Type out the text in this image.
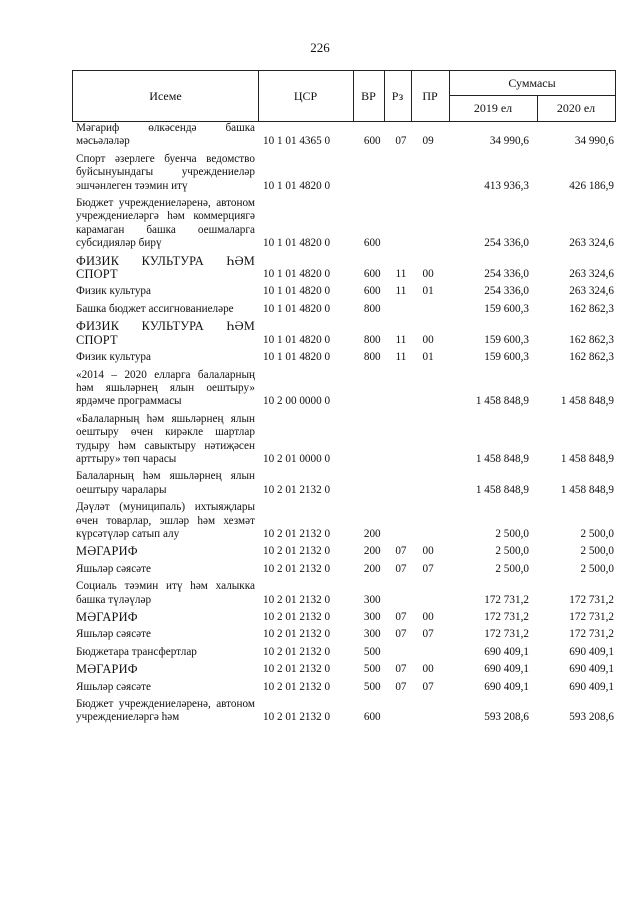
226
Исеме	ЦСР	ВР	Рз	ПР
Суммасы
2019 ел	2020 ел
Мәгариф өлкәсендә башка мәсьәләләр	10 1 01 4365 0	600	07	09	34 990,6	34 990,6
Спорт әзерлеге буенча ведомство буйсынуындагы учреждениеләр эшчәнлеген тәэмин итү	10 1 01 4820 0	413 936,3	426 186,9
Бюджет учреждениеләренә, автоном учреждениеләргә һәм коммерциягә карамаган башка оешмаларга субсидияләр бирү	10 1 01 4820 0	600	254 336,0	263 324,6
ФИЗИК КУЛЬТУРА ҺӘМ СПОРТ	10 1 01 4820 0	600	11	00	254 336,0	263 324,6
Физик культура	10 1 01 4820 0	600	11	01	254 336,0	263 324,6
Башка бюджет ассигнованиеләре	10 1 01 4820 0	800	159 600,3	162 862,3
ФИЗИК КУЛЬТУРА ҺӘМ СПОРТ	10 1 01 4820 0	800	11	00	159 600,3	162 862,3
Физик культура	10 1 01 4820 0	800	11	01	159 600,3	162 862,3
«2014 – 2020 елларга балаларның һәм яшьләрнең ялын оештыру» ярдәмче программасы	10 2 00 0000 0	1 458 848,9	1 458 848,9
«Балаларның һәм яшьләрнең ялын оештыру өчен кирәкле шартлар тудыру һәм савыктыру нәтиҗәсен арттыру» төп чарасы	10 2 01 0000 0	1 458 848,9	1 458 848,9
Балаларның һәм яшьләрнең ялын оештыру чаралары	10 2 01 2132 0	1 458 848,9	1 458 848,9
Дәүләт (муниципаль) ихтыяҗлары өчен товарлар, эшләр һәм хезмәт күрсәтүләр сатып алу	10 2 01 2132 0	200	2 500,0	2 500,0
МӘГАРИФ	10 2 01 2132 0	200	07	00	2 500,0	2 500,0
Яшьләр сәясәте	10 2 01 2132 0	200	07	07	2 500,0	2 500,0
Социаль тәэмин итү һәм халыкка башка түләүләр	10 2 01 2132 0	300	172 731,2	172 731,2
МӘГАРИФ	10 2 01 2132 0	300	07	00	172 731,2	172 731,2
Яшьләр сәясәте	10 2 01 2132 0	300	07	07	172 731,2	172 731,2
Бюджетара трансфертлар	10 2 01 2132 0	500	690 409,1	690 409,1
МӘГАРИФ	10 2 01 2132 0	500	07	00	690 409,1	690 409,1
Яшьләр сәясәте	10 2 01 2132 0	500	07	07	690 409,1	690 409,1
Бюджет учреждениеләренә, автоном учреждениеләргә һәм	10 2 01 2132 0	600	593 208,6	593 208,6
